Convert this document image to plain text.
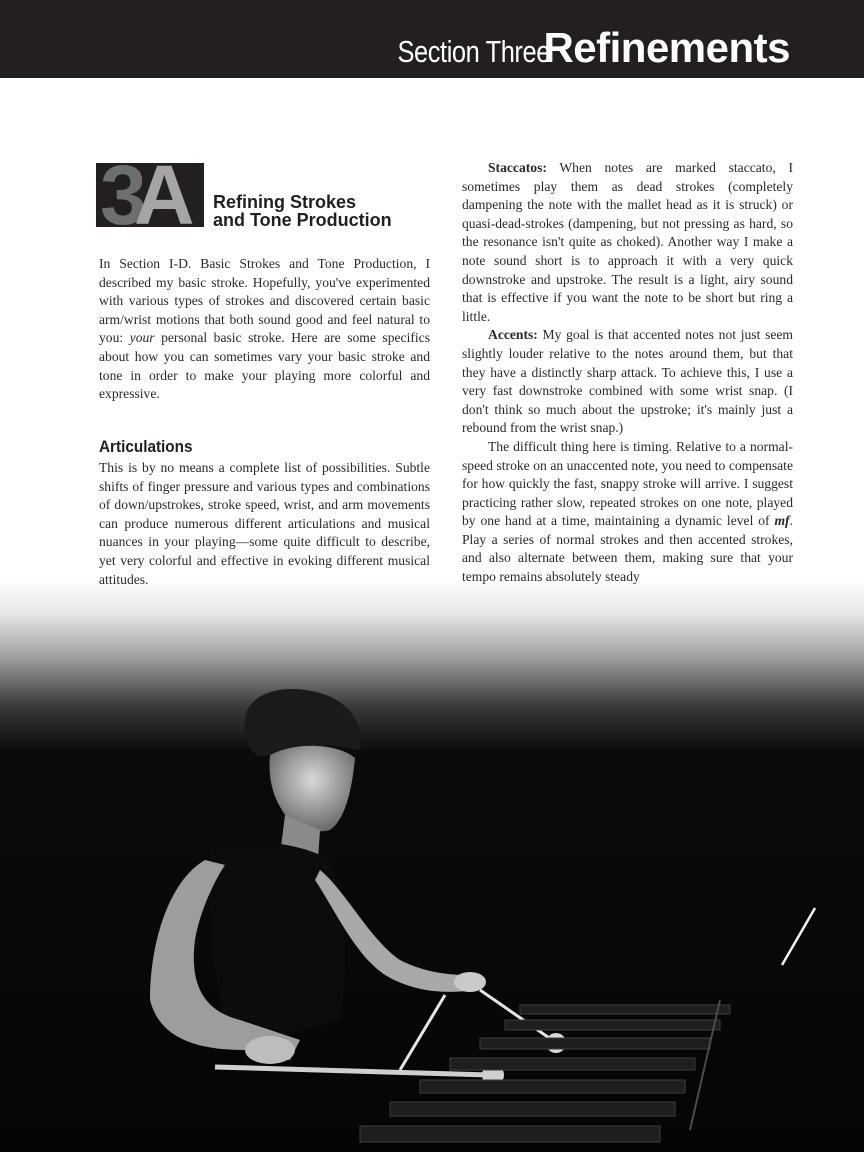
Section Three Refinements
3
A Refining Strokes
and Tone Production

In Section I-D. Basic Strokes and Tone Production, I described my basic stroke. Hopefully, you've experimented with various types of strokes and discovered certain basic arm/wrist motions that both sound good and feel natural to you: your personal basic stroke. Here are some specifics about how you can sometimes vary your basic stroke and tone in order to make your playing more colorful and expressive.

Articulations

This is by no means a complete list of possibilities. Subtle shifts of finger pressure and various types and combinations of down/upstrokes, stroke speed, wrist, and arm movements can produce numerous different articulations and musical nuances in your playing—some quite difficult to describe, yet very colorful and effective in evoking different musical attitudes.

Staccatos: When notes are marked staccato, I sometimes play them as dead strokes (completely dampening the note with the mallet head as it is struck) or quasi-dead-strokes (dampening, but not pressing as hard, so the resonance isn't quite as choked). Another way I make a note sound short is to approach it with a very quick downstroke and upstroke. The result is a light, airy sound that is effective if you want the note to be short but ring a little.

Accents: My goal is that accented notes not just seem slightly louder relative to the notes around them, but that they have a distinctly sharp attack. To achieve this, I use a very fast downstroke combined with some wrist snap. (I don't think so much about the upstroke; it's mainly just a rebound from the wrist snap.)

The difficult thing here is timing. Relative to a normal-speed stroke on an unaccented note, you need to compensate for how quickly the fast, snappy stroke will arrive. I suggest practicing rather slow, repeated strokes on one note, played by one hand at a time, maintaining a dynamic level of mf. Play a series of normal strokes and then accented strokes, and also alternate between them, making sure that your tempo remains absolutely steady
